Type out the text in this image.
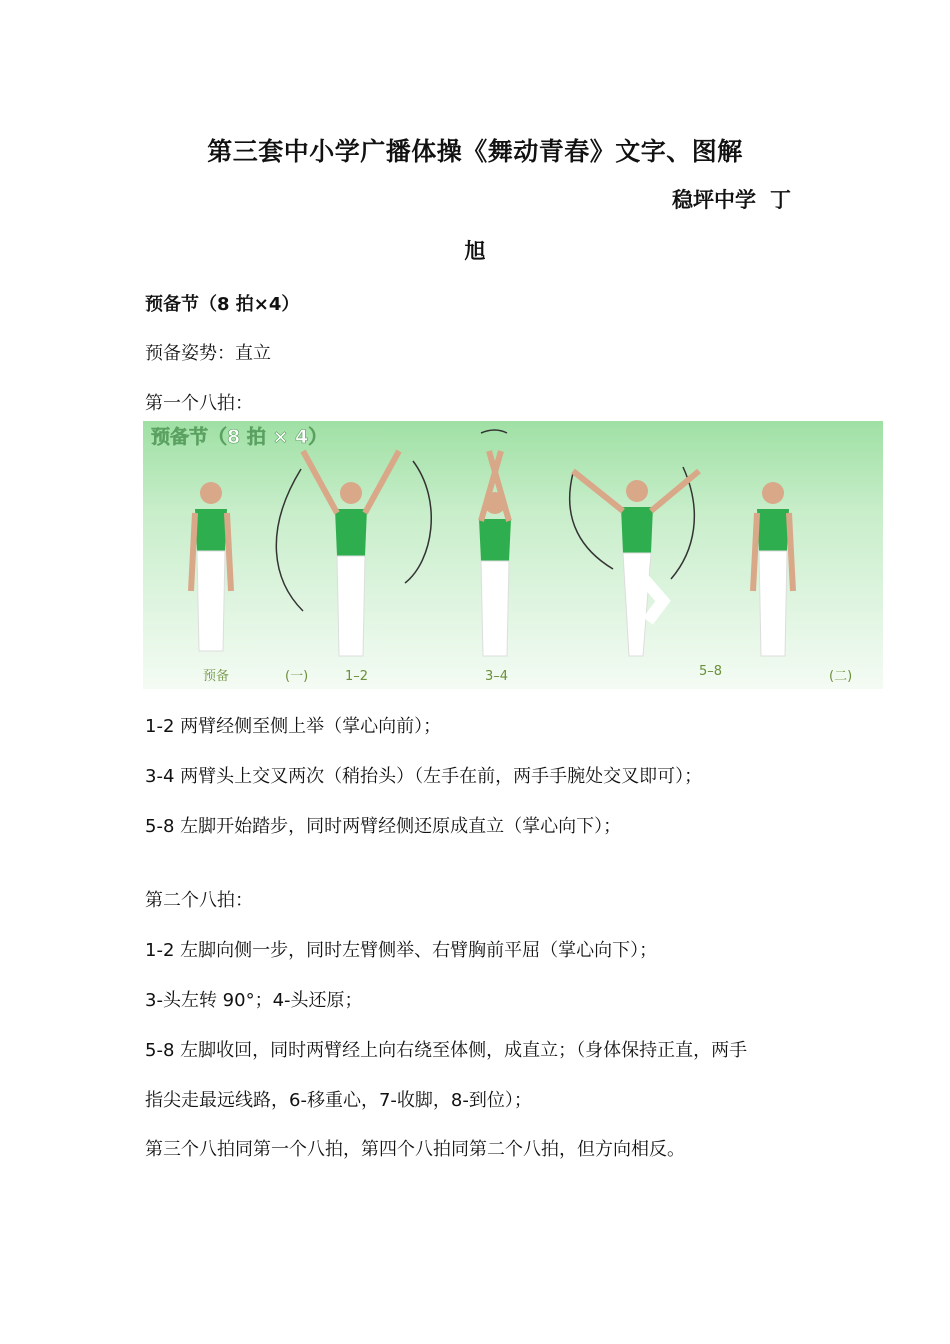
第三套中小学广播体操《舞动青春》文字、图解
稳坪中学 丁
旭
预备节（8 拍×4）
预备姿势：直立
第一个八拍：
预备节（8 拍 × 4）
预备	(一)	1–2	3–4	5–8	(二)
1-2 两臂经侧至侧上举（掌心向前）；
3-4 两臂头上交叉两次（稍抬头）（左手在前，两手手腕处交叉即可）；
5-8 左脚开始踏步，同时两臂经侧还原成直立（掌心向下）；
第二个八拍：
1-2 左脚向侧一步，同时左臂侧举、右臂胸前平屈（掌心向下）；
3-头左转 90°；4-头还原；
5-8 左脚收回，同时两臂经上向右绕至体侧，成直立；（身体保持正直，两手
指尖走最远线路，6-移重心，7-收脚，8-到位）；
第三个八拍同第一个八拍，第四个八拍同第二个八拍，但方向相反。
